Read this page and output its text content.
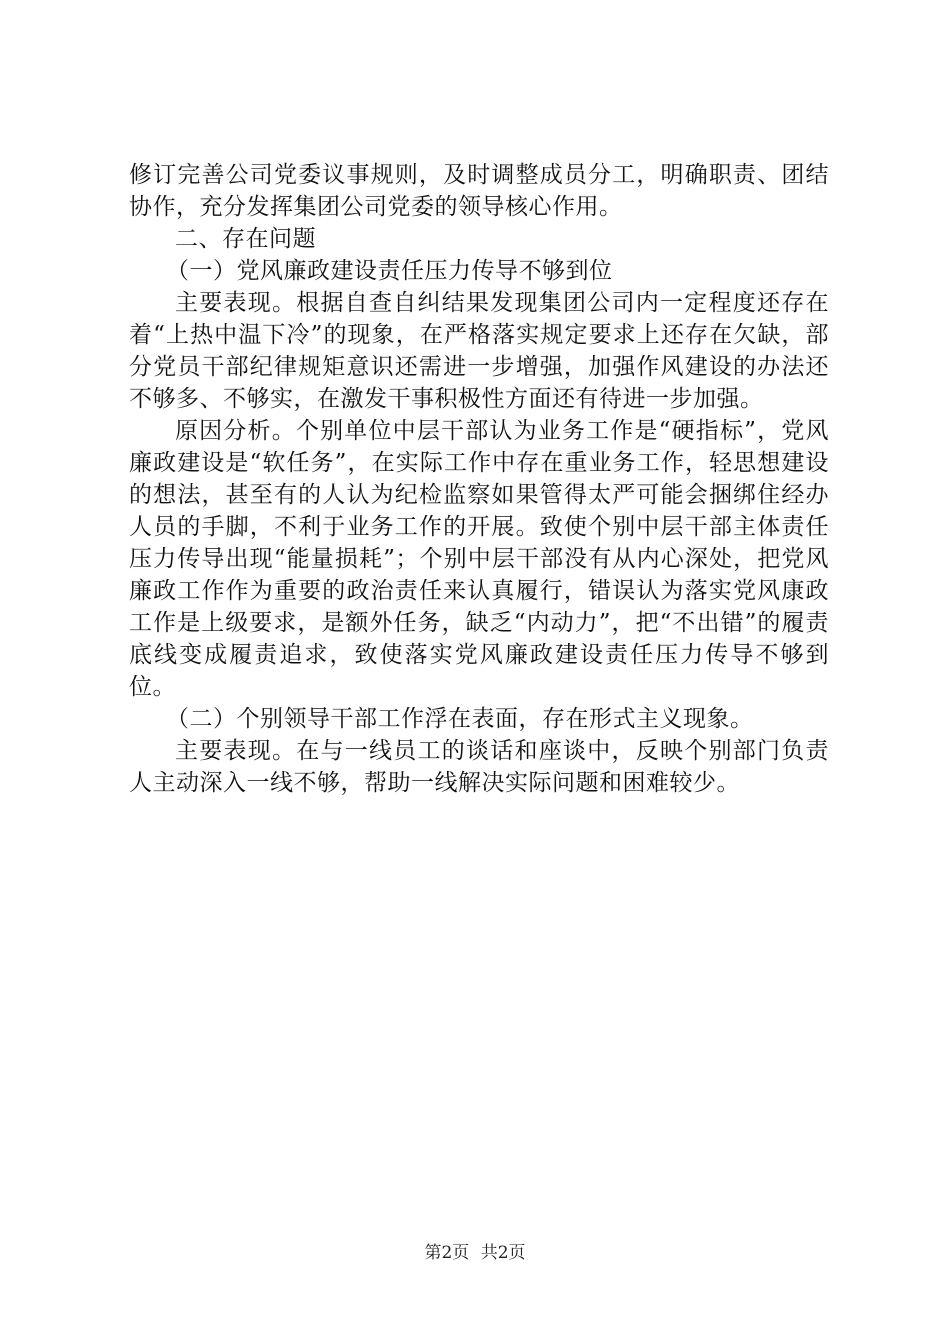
修订完善公司党委议事规则，及时调整成员分工，明确职责、团结协作，充分发挥集团公司党委的领导核心作用。

二、存在问题

（一）党风廉政建设责任压力传导不够到位

主要表现。根据自查自纠结果发现集团公司内一定程度还存在着“上热中温下冷”的现象，在严格落实规定要求上还存在欠缺，部分党员干部纪律规矩意识还需进一步增强，加强作风建设的办法还不够多、不够实，在激发干事积极性方面还有待进一步加强。

原因分析。个别单位中层干部认为业务工作是“硬指标”，党风廉政建设是“软任务”，在实际工作中存在重业务工作，轻思想建设的想法，甚至有的人认为纪检监察如果管得太严可能会捆绑住经办人员的手脚，不利于业务工作的开展。致使个别中层干部主体责任压力传导出现“能量损耗”；个别中层干部没有从内心深处，把党风廉政工作作为重要的政治责任来认真履行，错误认为落实党风康政工作是上级要求，是额外任务，缺乏“内动力”，把“不出错”的履责底线变成履责追求，致使落实党风廉政建设责任压力传导不够到位。

（二）个别领导干部工作浮在表面，存在形式主义现象。

主要表现。在与一线员工的谈话和座谈中，反映个别部门负责人主动深入一线不够，帮助一线解决实际问题和困难较少。

第2页 共2页
